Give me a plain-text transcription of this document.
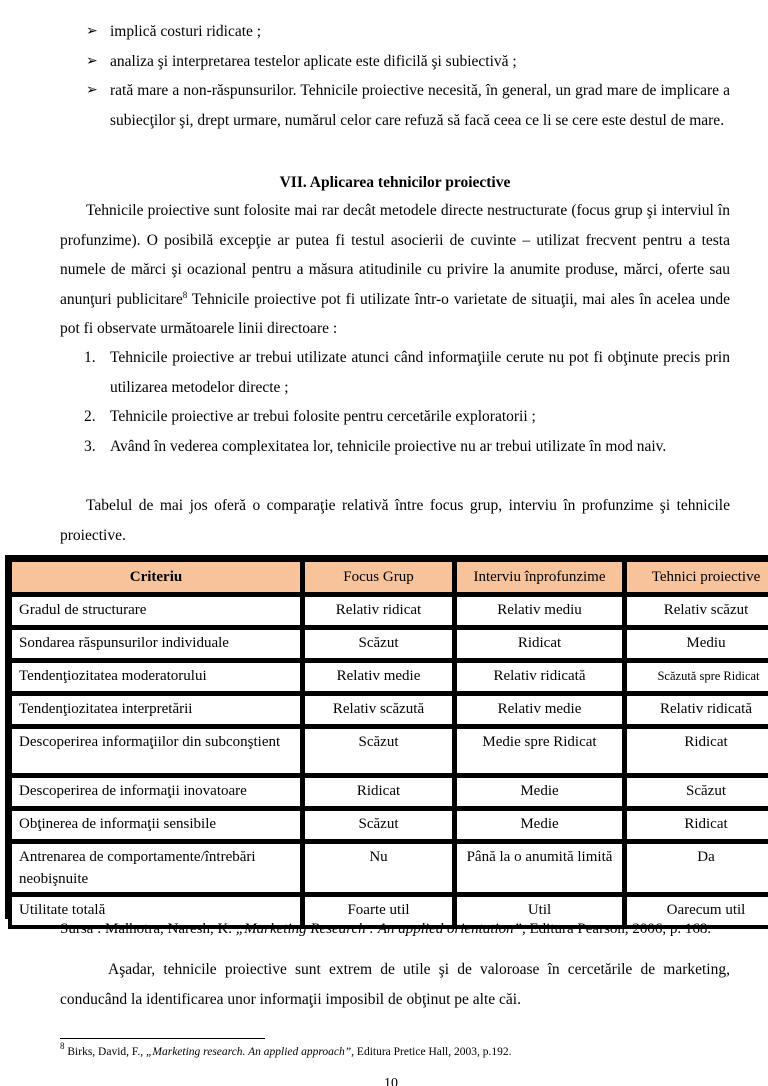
➢ implică costuri ridicate ;
➢ analiza şi interpretarea testelor aplicate este dificilă şi subiectivă ;
➢ rată mare a non-răspunsurilor. Tehnicile proiective necesită, în general, un grad mare de implicare a subiecţilor şi, drept urmare, numărul celor care refuză să facă ceea ce li se cere este destul de mare.
VII. Aplicarea tehnicilor proiective
Tehnicile proiective sunt folosite mai rar decât metodele directe nestructurate (focus grup şi interviul în profunzime). O posibilă excepţie ar putea fi testul asocierii de cuvinte – utilizat frecvent pentru a testa numele de mărci şi ocazional pentru a măsura atitudinile cu privire la anumite produse, mărci, oferte sau anunţuri publicitare$^8$ Tehnicile proiective pot fi utilizate într-o varietate de situaţii, mai ales în acelea unde pot fi observate următoarele linii directoare :
1. Tehnicile proiective ar trebui utilizate atunci când informaţiile cerute nu pot fi obţinute precis prin utilizarea metodelor directe ;
2. Tehnicile proiective ar trebui folosite pentru cercetările exploratorii ;
3. Având în vederea complexitatea lor, tehnicile proiective nu ar trebui utilizate în mod naiv.
Tabelul de mai jos oferă o comparaţie relativă între focus grup, interviu în profunzime şi tehnicile proiective.
Criteriu	Focus Grup	Interviu înprofunzime	Tehnici proiective
Gradul de structurare	Relativ ridicat	Relativ mediu	Relativ scăzut
Sondarea răspunsurilor individuale	Scăzut	Ridicat	Mediu
Tendenţiozitatea moderatorului	Relativ medie	Relativ ridicată	Scăzută spre Ridicat
Tendenţiozitatea interpretării	Relativ scăzută	Relativ medie	Relativ ridicată
Descoperirea informaţiilor din subconştient	Scăzut	Medie spre Ridicat	Ridicat
Descoperirea de informaţii inovatoare	Ridicat	Medie	Scăzut
Obţinerea de informaţii sensibile	Scăzut	Medie	Ridicat
Antrenarea de comportamente/întrebări neobişnuite	Nu	Până la o anumită limită	Da
Utilitate totală	Foarte util	Util	Oarecum util
Sursa : Malhotra, Naresh, K. „Marketing Research : An applied orientation”, Editura Pearson, 2006, p. 168.
Aşadar, tehnicile proiective sunt extrem de utile şi de valoroase în cercetările de marketing, conducând la identificarea unor informaţii imposibil de obţinut pe alte căi.
$^8$ Birks, David, F., „Marketing research. An applied approach”, Editura Pretice Hall, 2003, p.192.
10
